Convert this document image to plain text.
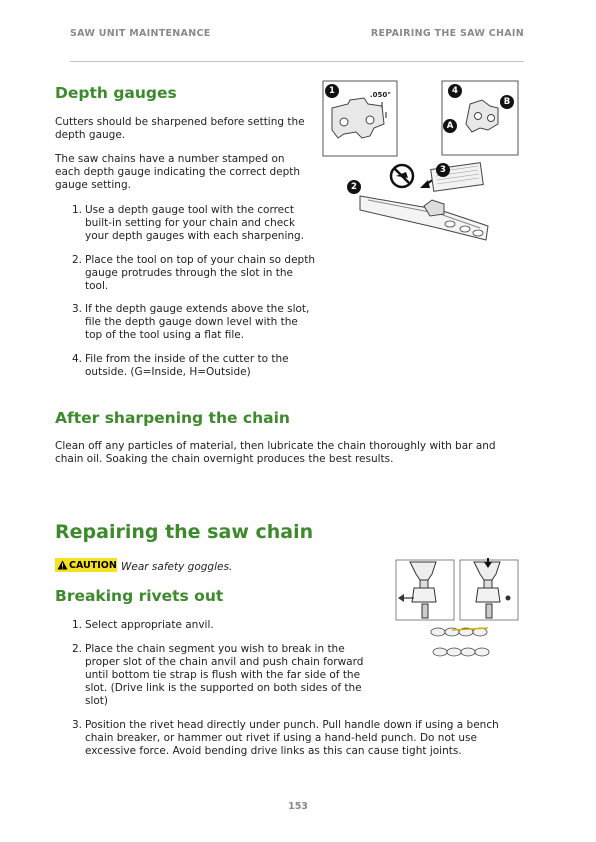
SAW UNIT MAINTENANCE	REPAIRING THE SAW CHAIN
Depth gauges

Cutters should be sharpened before setting the depth gauge.

The saw chains have a number stamped on each depth gauge indicating the correct depth gauge setting.

1. Use a depth gauge tool with the correct built-in setting for your chain and check your depth gauges with each sharpening.
2. Place the tool on top of your chain so depth gauge protrudes through the slot in the tool.
3. If the depth gauge extends above the slot, file the depth gauge down level with the top of the tool using a flat file.
4. File from the inside of the cutter to the outside. (G=Inside, H=Outside)
1	.050"	4
B
A
3
2
After sharpening the chain

Clean off any particles of material, then lubricate the chain thoroughly with bar and chain oil. Soaking the chain overnight produces the best results.

Repairing the saw chain
CAUTION Wear safety goggles.
Breaking rivets out
1. Select appropriate anvil.
2. Place the chain segment you wish to break in the proper slot of the chain anvil and push chain forward until bottom tie strap is flush with the far side of the slot. (Drive link is the supported on both sides of the slot)
3. Position the rivet head directly under punch. Pull handle down if using a bench chain breaker, or hammer out rivet if using a hand-held punch. Do not use excessive force. Avoid bending drive links as this can cause tight joints.
153
